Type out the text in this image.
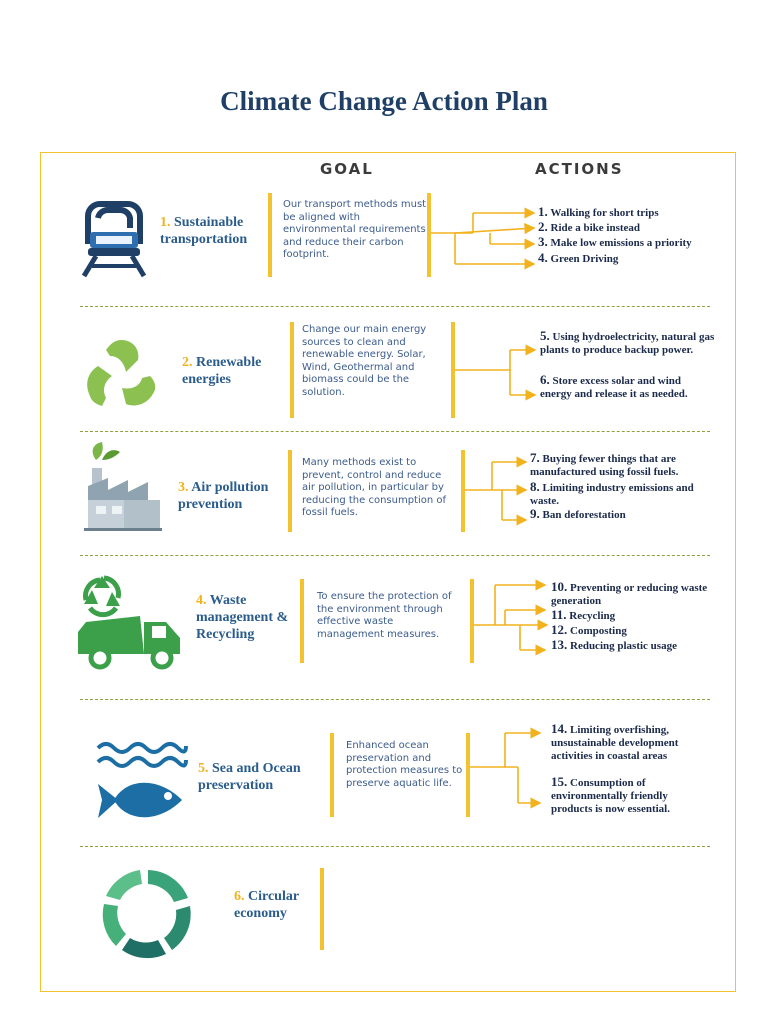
Climate Change Action Plan
GOAL	ACTIONS
1. Sustainable transportation
Our transport methods must be aligned with environmental requirements and reduce their carbon footprint.
1. Walking for short trips
2. Ride a bike instead
3. Make low emissions a priority
4. Green Driving
2. Renewable energies
Change our main energy sources to clean and renewable energy. Solar, Wind, Geothermal and biomass could be the solution.
5. Using hydroelectricity, natural gas plants to produce backup power.
6. Store excess solar and wind energy and release it as needed.
3. Air pollution prevention
Many methods exist to prevent, control and reduce air pollution, in particular by reducing the consumption of fossil fuels.
7. Buying fewer things that are manufactured using fossil fuels.
8. Limiting industry emissions and waste.
9. Ban deforestation
4. Waste management & Recycling
To ensure the protection of the environment through effective waste management measures.
10. Preventing or reducing waste generation
11. Recycling
12. Composting
13. Reducing plastic usage
5. Sea and Ocean preservation
Enhanced ocean preservation and protection measures to preserve aquatic life.
14. Limiting overfishing, unsustainable development activities in coastal areas
15. Consumption of environmentally friendly products is now essential.
6. Circular economy
